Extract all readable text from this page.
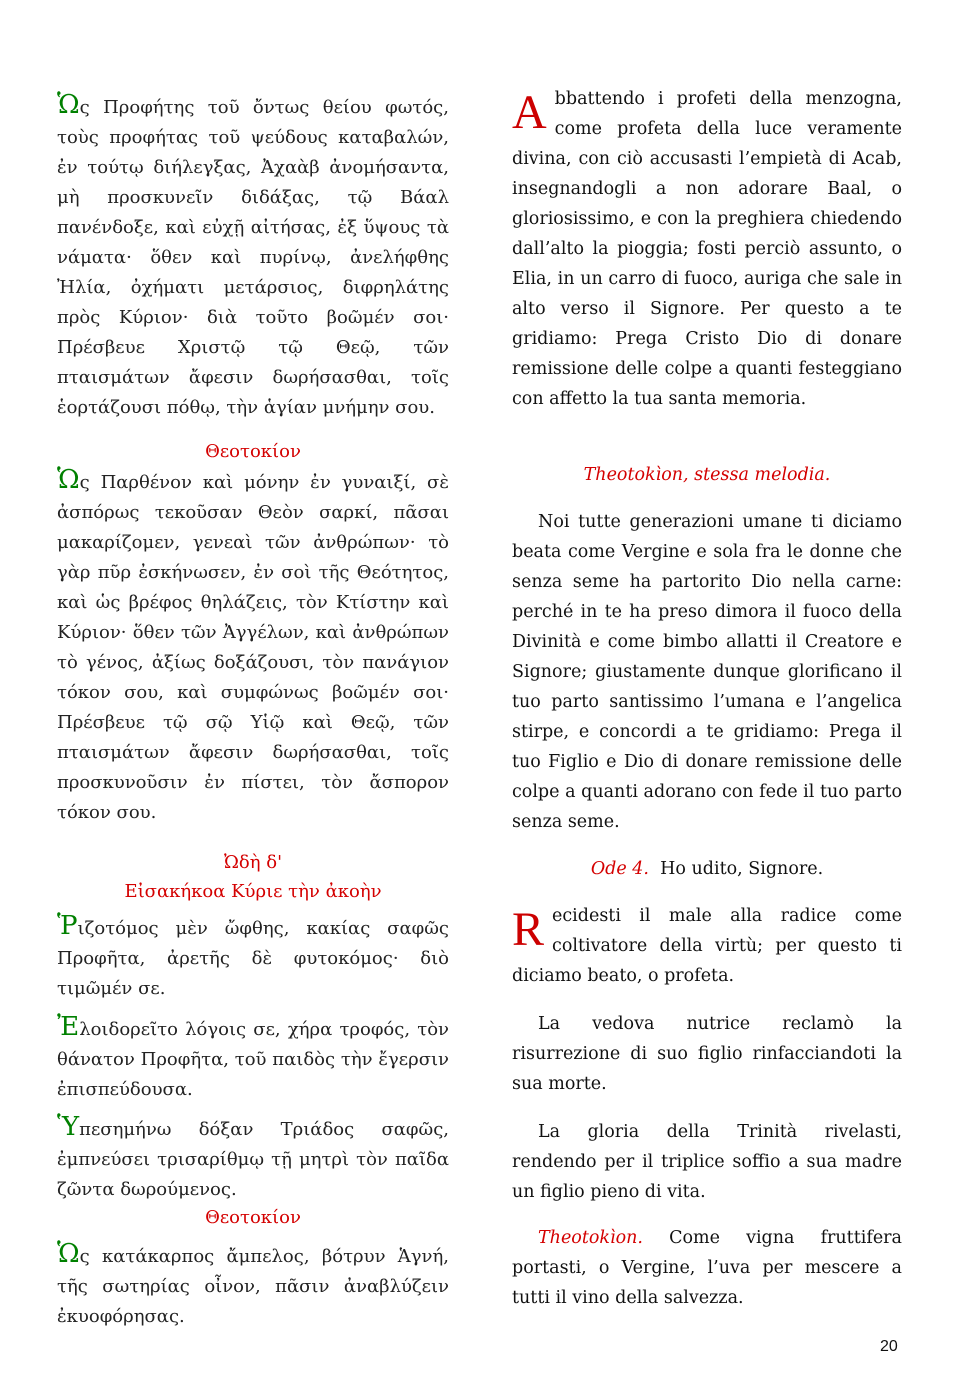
Ὡς Προφήτης τοῦ ὄντως θείου φωτός, τοὺς προφήτας τοῦ ψεύδους καταβαλών, ἐν τούτῳ διήλεγξας, Ἀχαὰβ ἀνομήσαντα, μὴ προσκυνεῖν διδάξας, τῷ Βάαλ πανένδοξε, καὶ εὐχῇ αἰτήσας, ἐξ ὕψους τὰ νάματα· ὅθεν καὶ πυρίνῳ, ἀνελήφθης Ἠλία, ὀχήματι μετάρσιος, διφρηλάτης πρὸς Κύριον· διὰ τοῦτο βοῶμέν σοι· Πρέσβευε Χριστῷ τῷ Θεῷ, τῶν πταισμάτων ἄφεσιν δωρήσασθαι, τοῖς ἑορτάζουσι πόθῳ, τὴν ἁγίαν μνήμην σου.

Θεοτοκίον

Ὡς Παρθένον καὶ μόνην ἐν γυναιξί, σὲ ἀσπόρως τεκοῦσαν Θεὸν σαρκί, πᾶσαι μακαρίζομεν, γενεαὶ τῶν ἀνθρώπων· τὸ γὰρ πῦρ ἐσκήνωσεν, ἐν σοὶ τῆς Θεότητος, καὶ ὡς βρέφος θηλάζεις, τὸν Κτίστην καὶ Κύριον· ὅθεν τῶν Ἀγγέλων, καὶ ἀνθρώπων τὸ γένος, ἀξίως δοξάζουσι, τὸν πανάγιον τόκον σου, καὶ συμφώνως βοῶμέν σοι· Πρέσβευε τῷ σῷ Υἱῷ καὶ Θεῷ, τῶν πταισμάτων ἄφεσιν δωρήσασθαι, τοῖς προσκυνοῦσιν ἐν πίστει, τὸν ἄσπορον τόκον σου.

Ὠδὴ δ'

Εἰσακήκοα Κύριε τὴν ἀκοὴν

Ῥιζοτόμος μὲν ὤφθης, κακίας σαφῶς Προφῆτα, ἀρετῆς δὲ φυτοκόμος· διὸ τιμῶμέν σε.

Ἐλοιδορεῖτο λόγοις σε, χήρα τροφός, τὸν θάνατον Προφῆτα, τοῦ παιδὸς τὴν ἔγερσιν ἐπισπεύδουσα.

Ὑπεσημήνω δόξαν Τριάδος σαφῶς, ἐμπνεύσει τρισαρίθμῳ τῇ μητρὶ τὸν παῖδα ζῶντα δωρούμενος.

Θεοτοκίον

Ὡς κατάκαρπος ἄμπελος, βότρυν Ἁγνή, τῆς σωτηρίας οἶνον, πᾶσιν ἀναβλύζειν ἐκυοφόρησας.

Abbattendo i profeti della menzogna, come profeta della luce veramente divina, con ciò accusasti l’empietà di Acab, insegnandogli a non adorare Baal, o gloriosissimo, e con la preghiera chiedendo dall’alto la pioggia; fosti perciò assunto, o Elia, in un carro di fuoco, auriga che sale in alto verso il Signore. Per questo a te gridiamo: Prega Cristo Dio di donare remissione delle colpe a quanti festeggiano con affetto la tua santa memoria.

Theotokìon, stessa melodia.

Noi tutte generazioni umane ti diciamo beata come Vergine e sola fra le donne che senza seme ha partorito Dio nella carne: perché in te ha preso dimora il fuoco della Divinità e come bimbo allatti il Creatore e Signore; giustamente dunque glorificano il tuo parto santissimo l’umana e l’angelica stirpe, e concordi a te gridiamo: Prega il tuo Figlio e Dio di donare remissione delle colpe a quanti adorano con fede il tuo parto senza seme.

Ode 4. Ho udito, Signore.

Recidesti il male alla radice come coltivatore della virtù; per questo ti diciamo beato, o profeta.

La vedova nutrice reclamò la risurrezione di suo figlio rinfacciandoti la sua morte.

La gloria della Trinità rivelasti, rendendo per il triplice soffio a sua madre un figlio pieno di vita.

Theotokìon. Come vigna fruttifera portasti, o Vergine, l’uva per mescere a tutti il vino della salvezza.

20
